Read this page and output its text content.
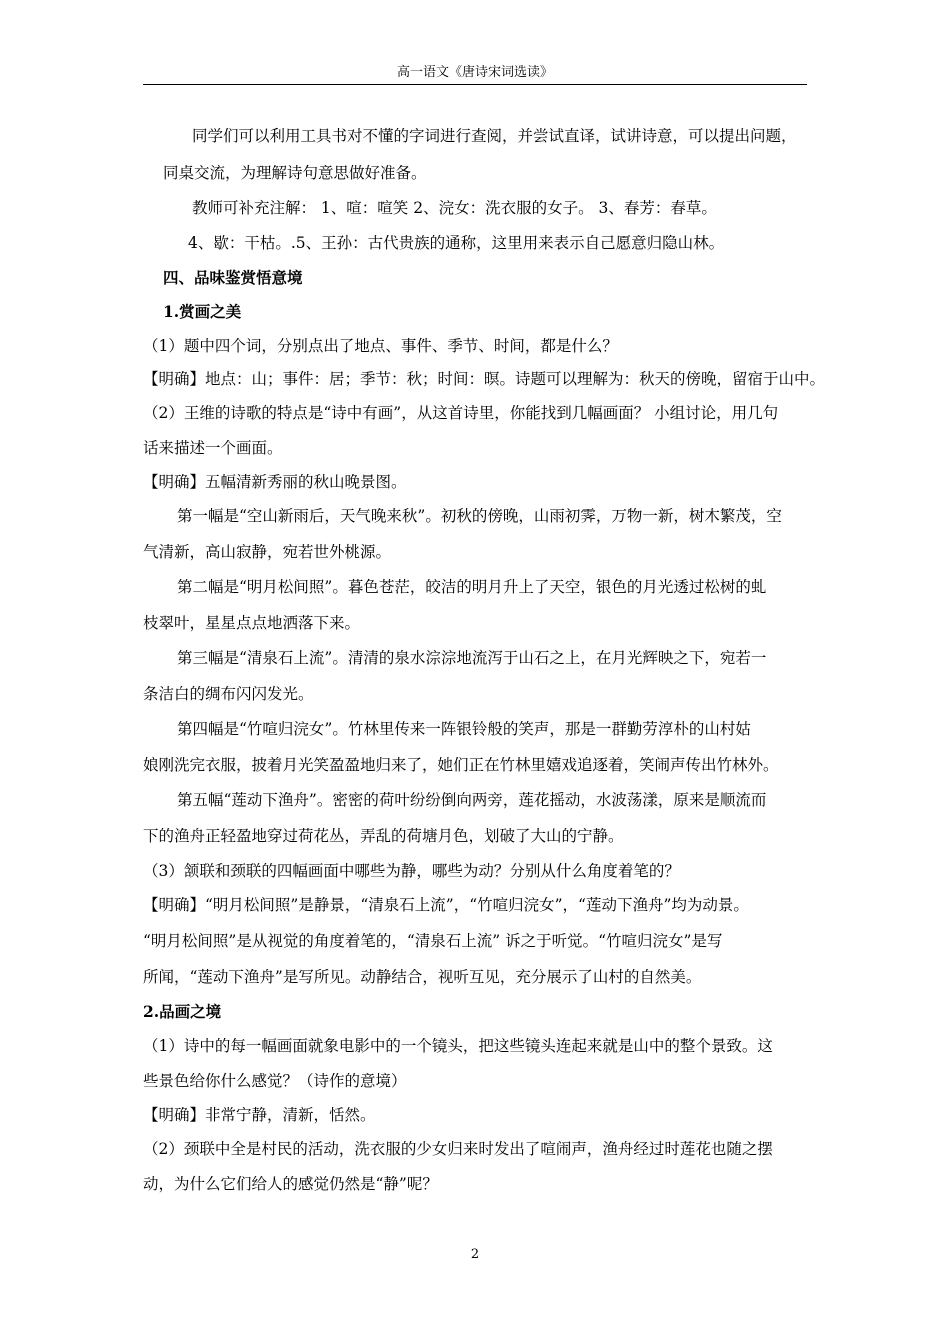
高一语文《唐诗宋词选读》
同学们可以利用工具书对不懂的字词进行查阅，并尝试直译，试讲诗意，可以提出问题，
同桌交流，为理解诗句意思做好准备。
教师可补充注解： 1、喧：喧笑 2、浣女：洗衣服的女子。 3、春芳：春草。
4、歇：干枯。.5、王孙：古代贵族的通称，这里用来表示自己愿意归隐山林。
四、品味鉴赏悟意境
1.赏画之美
（1）题中四个词，分别点出了地点、事件、季节、时间，都是什么？
【明确】地点：山；事件：居；季节：秋；时间：暝。诗题可以理解为：秋天的傍晚，留宿于山中。
（2）王维的诗歌的特点是“诗中有画”，从这首诗里，你能找到几幅画面？ 小组讨论，用几句
话来描述一个画面。
【明确】五幅清新秀丽的秋山晚景图。
第一幅是“空山新雨后，天气晚来秋”。初秋的傍晚，山雨初霁，万物一新，树木繁茂，空
气清新，高山寂静，宛若世外桃源。
第二幅是“明月松间照”。暮色苍茫，皎洁的明月升上了天空，银色的月光透过松树的虬
枝翠叶，星星点点地洒落下来。
第三幅是“清泉石上流”。清清的泉水淙淙地流泻于山石之上，在月光辉映之下，宛若一
条洁白的绸布闪闪发光。
第四幅是“竹喧归浣女”。竹林里传来一阵银铃般的笑声，那是一群勤劳淳朴的山村姑
娘刚洗完衣服，披着月光笑盈盈地归来了，她们正在竹林里嬉戏追逐着，笑闹声传出竹林外。
第五幅“莲动下渔舟”。密密的荷叶纷纷倒向两旁，莲花摇动，水波荡漾，原来是顺流而
下的渔舟正轻盈地穿过荷花丛，弄乱的荷塘月色，划破了大山的宁静。
（3）颔联和颈联的四幅画面中哪些为静，哪些为动？分别从什么角度着笔的？
【明确】“明月松间照”是静景，“清泉石上流”，“竹喧归浣女”，“莲动下渔舟”均为动景。
“明月松间照”是从视觉的角度着笔的，“清泉石上流” 诉之于听觉。“竹喧归浣女”是写
所闻，“莲动下渔舟”是写所见。动静结合，视听互见，充分展示了山村的自然美。
2.品画之境
（1）诗中的每一幅画面就象电影中的一个镜头，把这些镜头连起来就是山中的整个景致。这
些景色给你什么感觉？（诗作的意境）
【明确】非常宁静，清新，恬然。
（2）颈联中全是村民的活动，洗衣服的少女归来时发出了喧闹声，渔舟经过时莲花也随之摆
动，为什么它们给人的感觉仍然是“静”呢？
2
